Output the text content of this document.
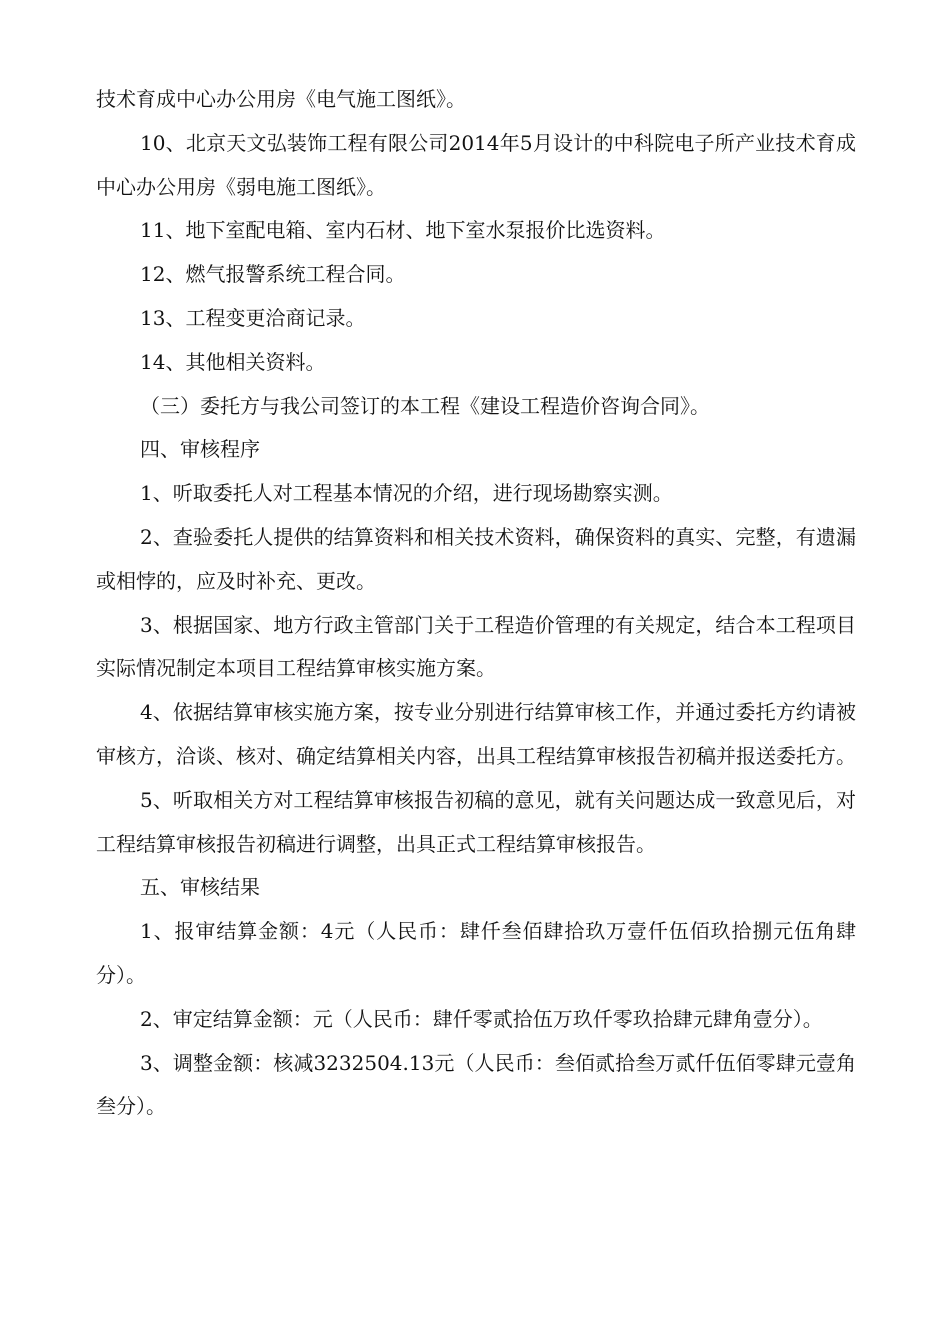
技术育成中心办公用房《电气施工图纸》。

10、北京天文弘装饰工程有限公司2014年5月设计的中科院电子所产业技术育成中心办公用房《弱电施工图纸》。

11、地下室配电箱、室内石材、地下室水泵报价比选资料。

12、燃气报警系统工程合同。

13、工程变更洽商记录。

14、其他相关资料。

（三）委托方与我公司签订的本工程《建设工程造价咨询合同》。

四、审核程序

1、听取委托人对工程基本情况的介绍，进行现场勘察实测。

2、查验委托人提供的结算资料和相关技术资料，确保资料的真实、完整，有遗漏或相悖的，应及时补充、更改。

3、根据国家、地方行政主管部门关于工程造价管理的有关规定，结合本工程项目实际情况制定本项目工程结算审核实施方案。

4、依据结算审核实施方案，按专业分别进行结算审核工作，并通过委托方约请被审核方，洽谈、核对、确定结算相关内容，出具工程结算审核报告初稿并报送委托方。

5、听取相关方对工程结算审核报告初稿的意见，就有关问题达成一致意见后，对工程结算审核报告初稿进行调整，出具正式工程结算审核报告。

五、审核结果

1、报审结算金额：4元（人民币：肆仟叁佰肆拾玖万壹仟伍佰玖拾捌元伍角肆分）。

2、审定结算金额：元（人民币：肆仟零贰拾伍万玖仟零玖拾肆元肆角壹分）。

3、调整金额：核减3232504.13元（人民币：叁佰贰拾叁万贰仟伍佰零肆元壹角叁分）。
